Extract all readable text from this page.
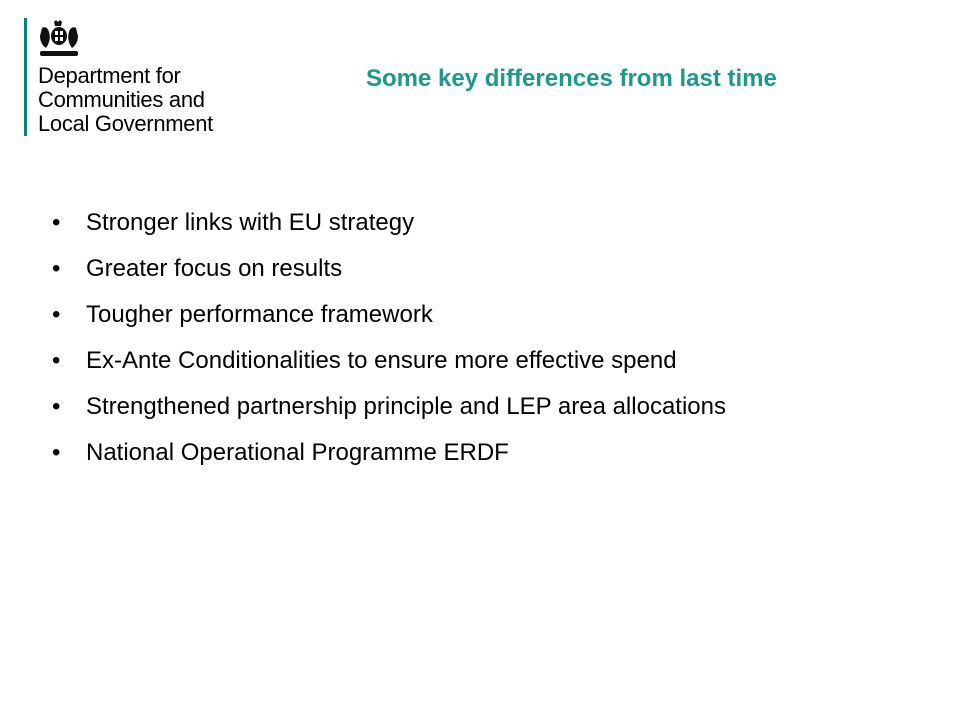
Department for
Communities and
Local Government
Some key differences from last time
• Stronger links with EU strategy
• Greater focus on results
• Tougher performance framework
• Ex-Ante Conditionalities to ensure more effective spend
• Strengthened partnership principle and LEP area allocations
• National Operational Programme ERDF
